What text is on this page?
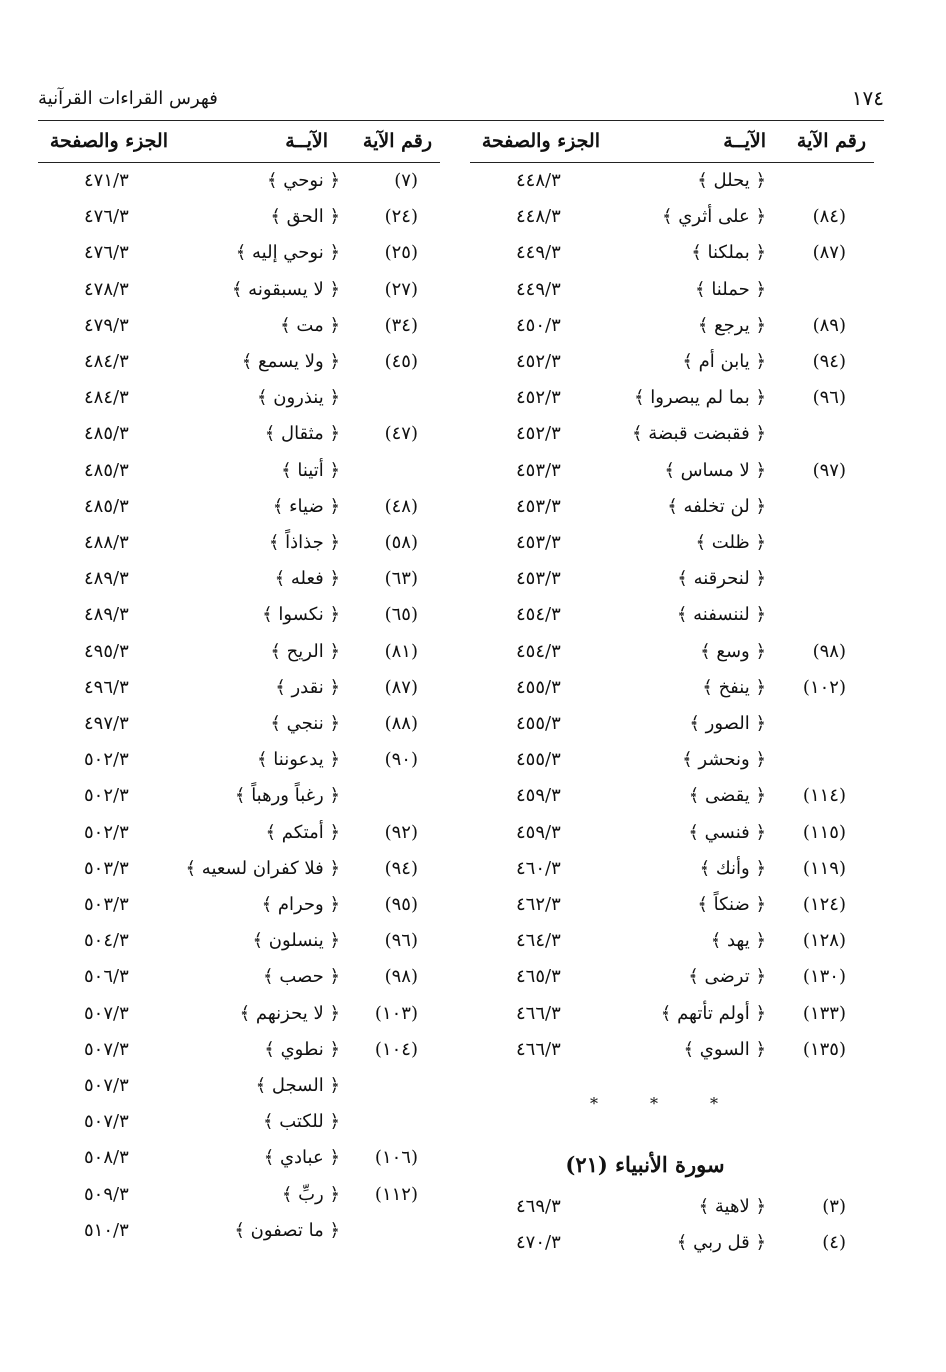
١٧٤
فهرس القراءات القرآنية
رقم الآية
الآيــة
الجزء والصفحة
رقم الآية
الآيــة
الجزء والصفحة
﴿ يحلل ﴾
٤٤٨/٣
(٨٤)
﴿ على أثري ﴾
٤٤٨/٣
(٨٧)
﴿ بملكنا ﴾
٤٤٩/٣
﴿ حملنا ﴾
٤٤٩/٣
(٨٩)
﴿ يرجع ﴾
٤٥٠/٣
(٩٤)
﴿ يابن أم ﴾
٤٥٢/٣
(٩٦)
﴿ بما لم يبصروا ﴾
٤٥٢/٣
﴿ فقبضت قبضة ﴾
٤٥٢/٣
(٩٧)
﴿ لا مساس ﴾
٤٥٣/٣
﴿ لن تخلفه ﴾
٤٥٣/٣
﴿ ظلت ﴾
٤٥٣/٣
﴿ لنحرقنه ﴾
٤٥٣/٣
﴿ لننسفنه ﴾
٤٥٤/٣
(٩٨)
﴿ وسع ﴾
٤٥٤/٣
(١٠٢)
﴿ ينفخ ﴾
٤٥٥/٣
﴿ الصور ﴾
٤٥٥/٣
﴿ ونحشر ﴾
٤٥٥/٣
(١١٤)
﴿ يقضى ﴾
٤٥٩/٣
(١١٥)
﴿ فنسي ﴾
٤٥٩/٣
(١١٩)
﴿ وأنك ﴾
٤٦٠/٣
(١٢٤)
﴿ ضنكاً ﴾
٤٦٢/٣
(١٢٨)
﴿ يهد ﴾
٤٦٤/٣
(١٣٠)
﴿ ترضى ﴾
٤٦٥/٣
(١٣٣)
﴿ أولم تأتهم ﴾
٤٦٦/٣
(١٣٥)
﴿ السوي ﴾
٤٦٦/٣
*	*	*
سورة الأنبياء (٢١)
(٣)
﴿ لاهية ﴾
٤٦٩/٣
(٤)
﴿ قل ربي ﴾
٤٧٠/٣
(٧)
﴿ نوحي ﴾
٤٧١/٣
(٢٤)
﴿ الحق ﴾
٤٧٦/٣
(٢٥)
﴿ نوحي إليه ﴾
٤٧٦/٣
(٢٧)
﴿ لا يسبقونه ﴾
٤٧٨/٣
(٣٤)
﴿ مت ﴾
٤٧٩/٣
(٤٥)
﴿ ولا يسمع ﴾
٤٨٤/٣
﴿ ينذرون ﴾
٤٨٤/٣
(٤٧)
﴿ مثقال ﴾
٤٨٥/٣
﴿ أتينا ﴾
٤٨٥/٣
(٤٨)
﴿ ضياء ﴾
٤٨٥/٣
(٥٨)
﴿ جذاذاً ﴾
٤٨٨/٣
(٦٣)
﴿ فعله ﴾
٤٨٩/٣
(٦٥)
﴿ نكسوا ﴾
٤٨٩/٣
(٨١)
﴿ الريح ﴾
٤٩٥/٣
(٨٧)
﴿ نقدر ﴾
٤٩٦/٣
(٨٨)
﴿ ننجي ﴾
٤٩٧/٣
(٩٠)
﴿ يدعوننا ﴾
٥٠٢/٣
﴿ رغباً ورهباً ﴾
٥٠٢/٣
(٩٢)
﴿ أمتكم ﴾
٥٠٢/٣
(٩٤)
﴿ فلا كفران لسعيه ﴾
٥٠٣/٣
(٩٥)
﴿ وحرام ﴾
٥٠٣/٣
(٩٦)
﴿ ينسلون ﴾
٥٠٤/٣
(٩٨)
﴿ حصب ﴾
٥٠٦/٣
(١٠٣)
﴿ لا يحزنهم ﴾
٥٠٧/٣
(١٠٤)
﴿ نطوي ﴾
٥٠٧/٣
﴿ السجل ﴾
٥٠٧/٣
﴿ للكتب ﴾
٥٠٧/٣
(١٠٦)
﴿ عبادي ﴾
٥٠٨/٣
(١١٢)
﴿ ربِّ ﴾
٥٠٩/٣
﴿ ما تصفون ﴾
٥١٠/٣
